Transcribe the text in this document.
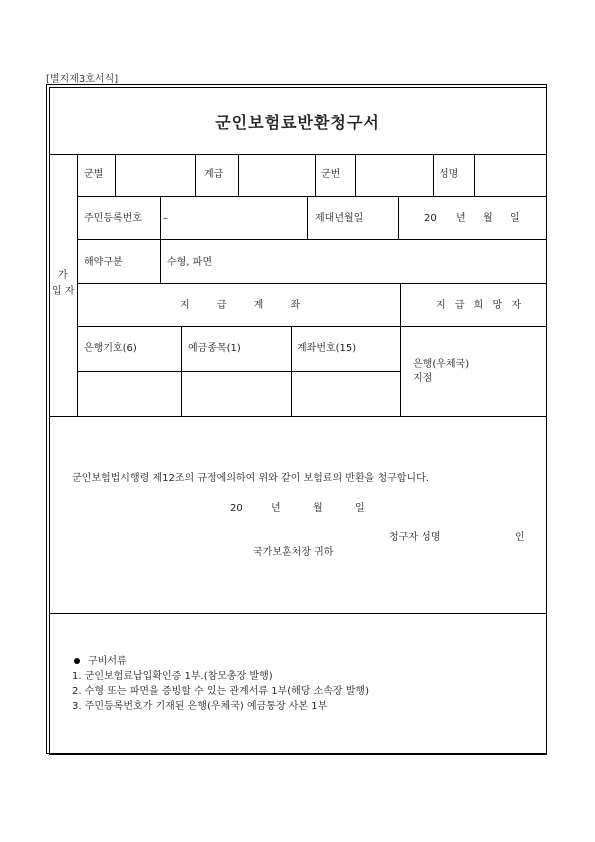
[별지제3호서식]
군인보험료반환청구서
가
입 자
군별	계급	군번	성명
주민등록번호 –	제대년월일	20 년 월 일
해약구분	수형, 파면
지 급 계 좌	지 급 희 망 자
은행기호(6)	예금종목(1)	계좌번호(15)
은행(우체국)
지점
군인보험법시행령 제12조의 규정에의하여 위와 같이 보험료의 반환을 청구합니다.
20	년	월	일
청구자 성명	인
국가보훈처장 귀하
구비서류
1. 군인보험료납입확인증 1부.(참모총장 발행)
2. 수형 또는 파면을 증빙할 수 있는 관계서류 1부(해당 소속장 발행)
3. 주민등록번호가 기재된 은행(우체국) 예금통장 사본 1부
